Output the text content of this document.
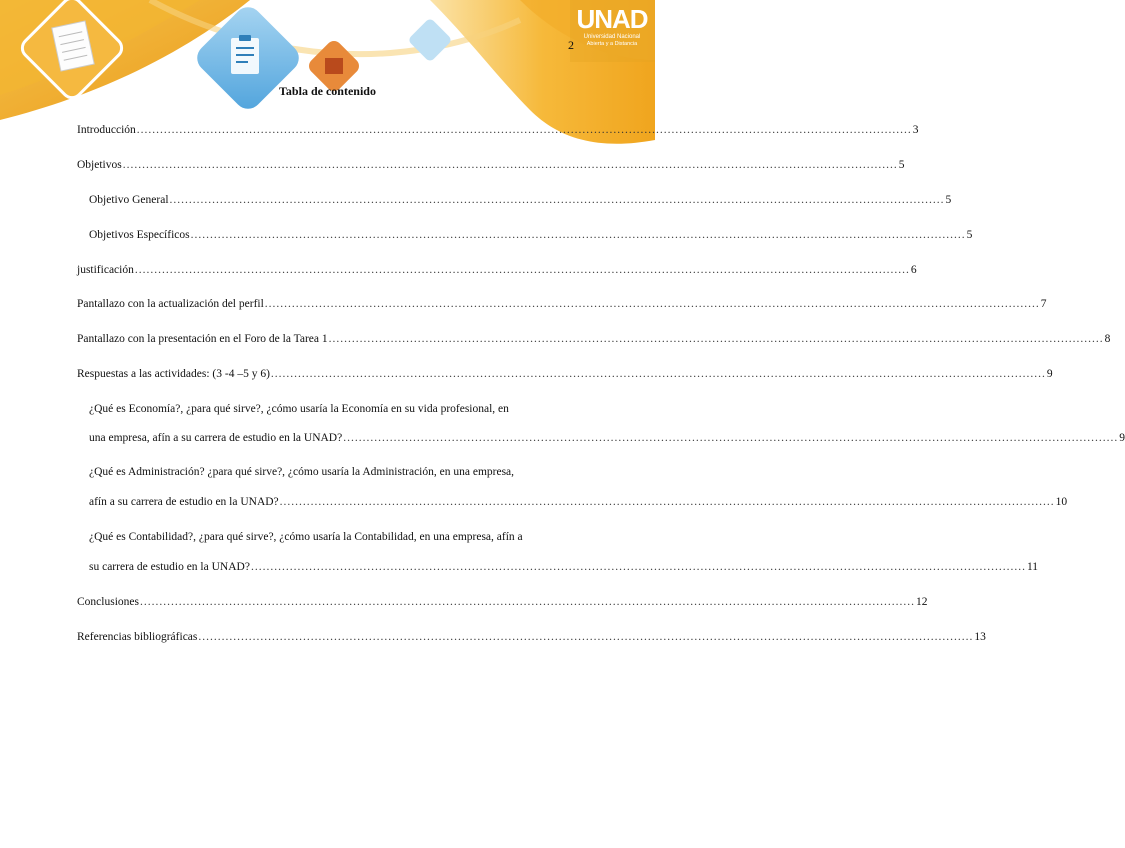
UNAD
Universidad Nacional
Abierta y a Distancia
2
Tabla de contenido
Introducción ........................................................................................................................................................................................................ 3
Objetivos ........................................................................................................................................................................................................ 5
Objetivo General ........................................................................................................................................................................................................ 5
Objetivos Específicos ........................................................................................................................................................................................................ 5
justificación ........................................................................................................................................................................................................ 6
Pantallazo con la actualización del perfil ........................................................................................................................................................................................................ 7
Pantallazo con la presentación en el Foro de la Tarea 1 ........................................................................................................................................................................................................ 8
Respuestas a las actividades: (3 -4 –5 y 6) ........................................................................................................................................................................................................ 9
¿Qué es Economía?, ¿para qué sirve?, ¿cómo usaría la Economía en su vida profesional, en
una empresa, afín a su carrera de estudio en la UNAD? ........................................................................................................................................................................................................ 9
¿Qué es Administración? ¿para qué sirve?, ¿cómo usaría la Administración, en una empresa,
afín a su carrera de estudio en la UNAD? ........................................................................................................................................................................................................ 10
¿Qué es Contabilidad?, ¿para qué sirve?, ¿cómo usaría la Contabilidad, en una empresa, afín a
su carrera de estudio en la UNAD? ........................................................................................................................................................................................................ 11
Conclusiones ........................................................................................................................................................................................................ 12
Referencias bibliográficas ........................................................................................................................................................................................................ 13
